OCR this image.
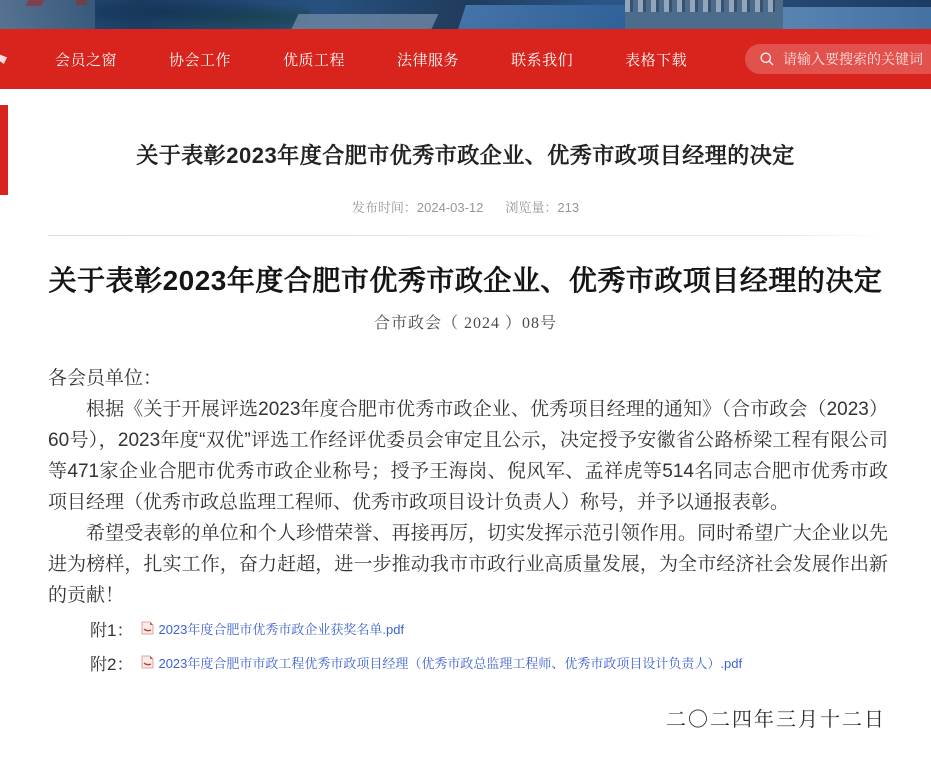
会员之窗	协会工作	优质工程	法律服务	联系我们	表格下载
请输入要搜索的关键词
关于表彰2023年度合肥市优秀市政企业、优秀市政项目经理的决定
发布时间：2024-03-12 浏览量：213
关于表彰2023年度合肥市优秀市政企业、优秀市政项目经理的决定
合市政会（ 2024 ）08号

各会员单位：

根据《关于开展评选2023年度合肥市优秀市政企业、优秀项目经理的通知》（合市政会（2023）60号），2023年度“双优”评选工作经评优委员会审定且公示，决定授予安徽省公路桥梁工程有限公司等471家企业合肥市优秀市政企业称号；授予王海岗、倪风军、孟祥虎等514名同志合肥市优秀市政项目经理（优秀市政总监理工程师、优秀市政项目设计负责人）称号，并予以通报表彰。

希望受表彰的单位和个人珍惜荣誉、再接再厉，切实发挥示范引领作用。同时希望广大企业以先进为榜样，扎实工作，奋力赶超，进一步推动我市市政行业高质量发展，为全市经济社会发展作出新的贡献！

附1： 2023年度合肥市优秀市政企业获奖名单.pdf
附2： 2023年度合肥市市政工程优秀市政项目经理（优秀市政总监理工程师、优秀市政项目设计负责人）.pdf
二〇二四年三月十二日
